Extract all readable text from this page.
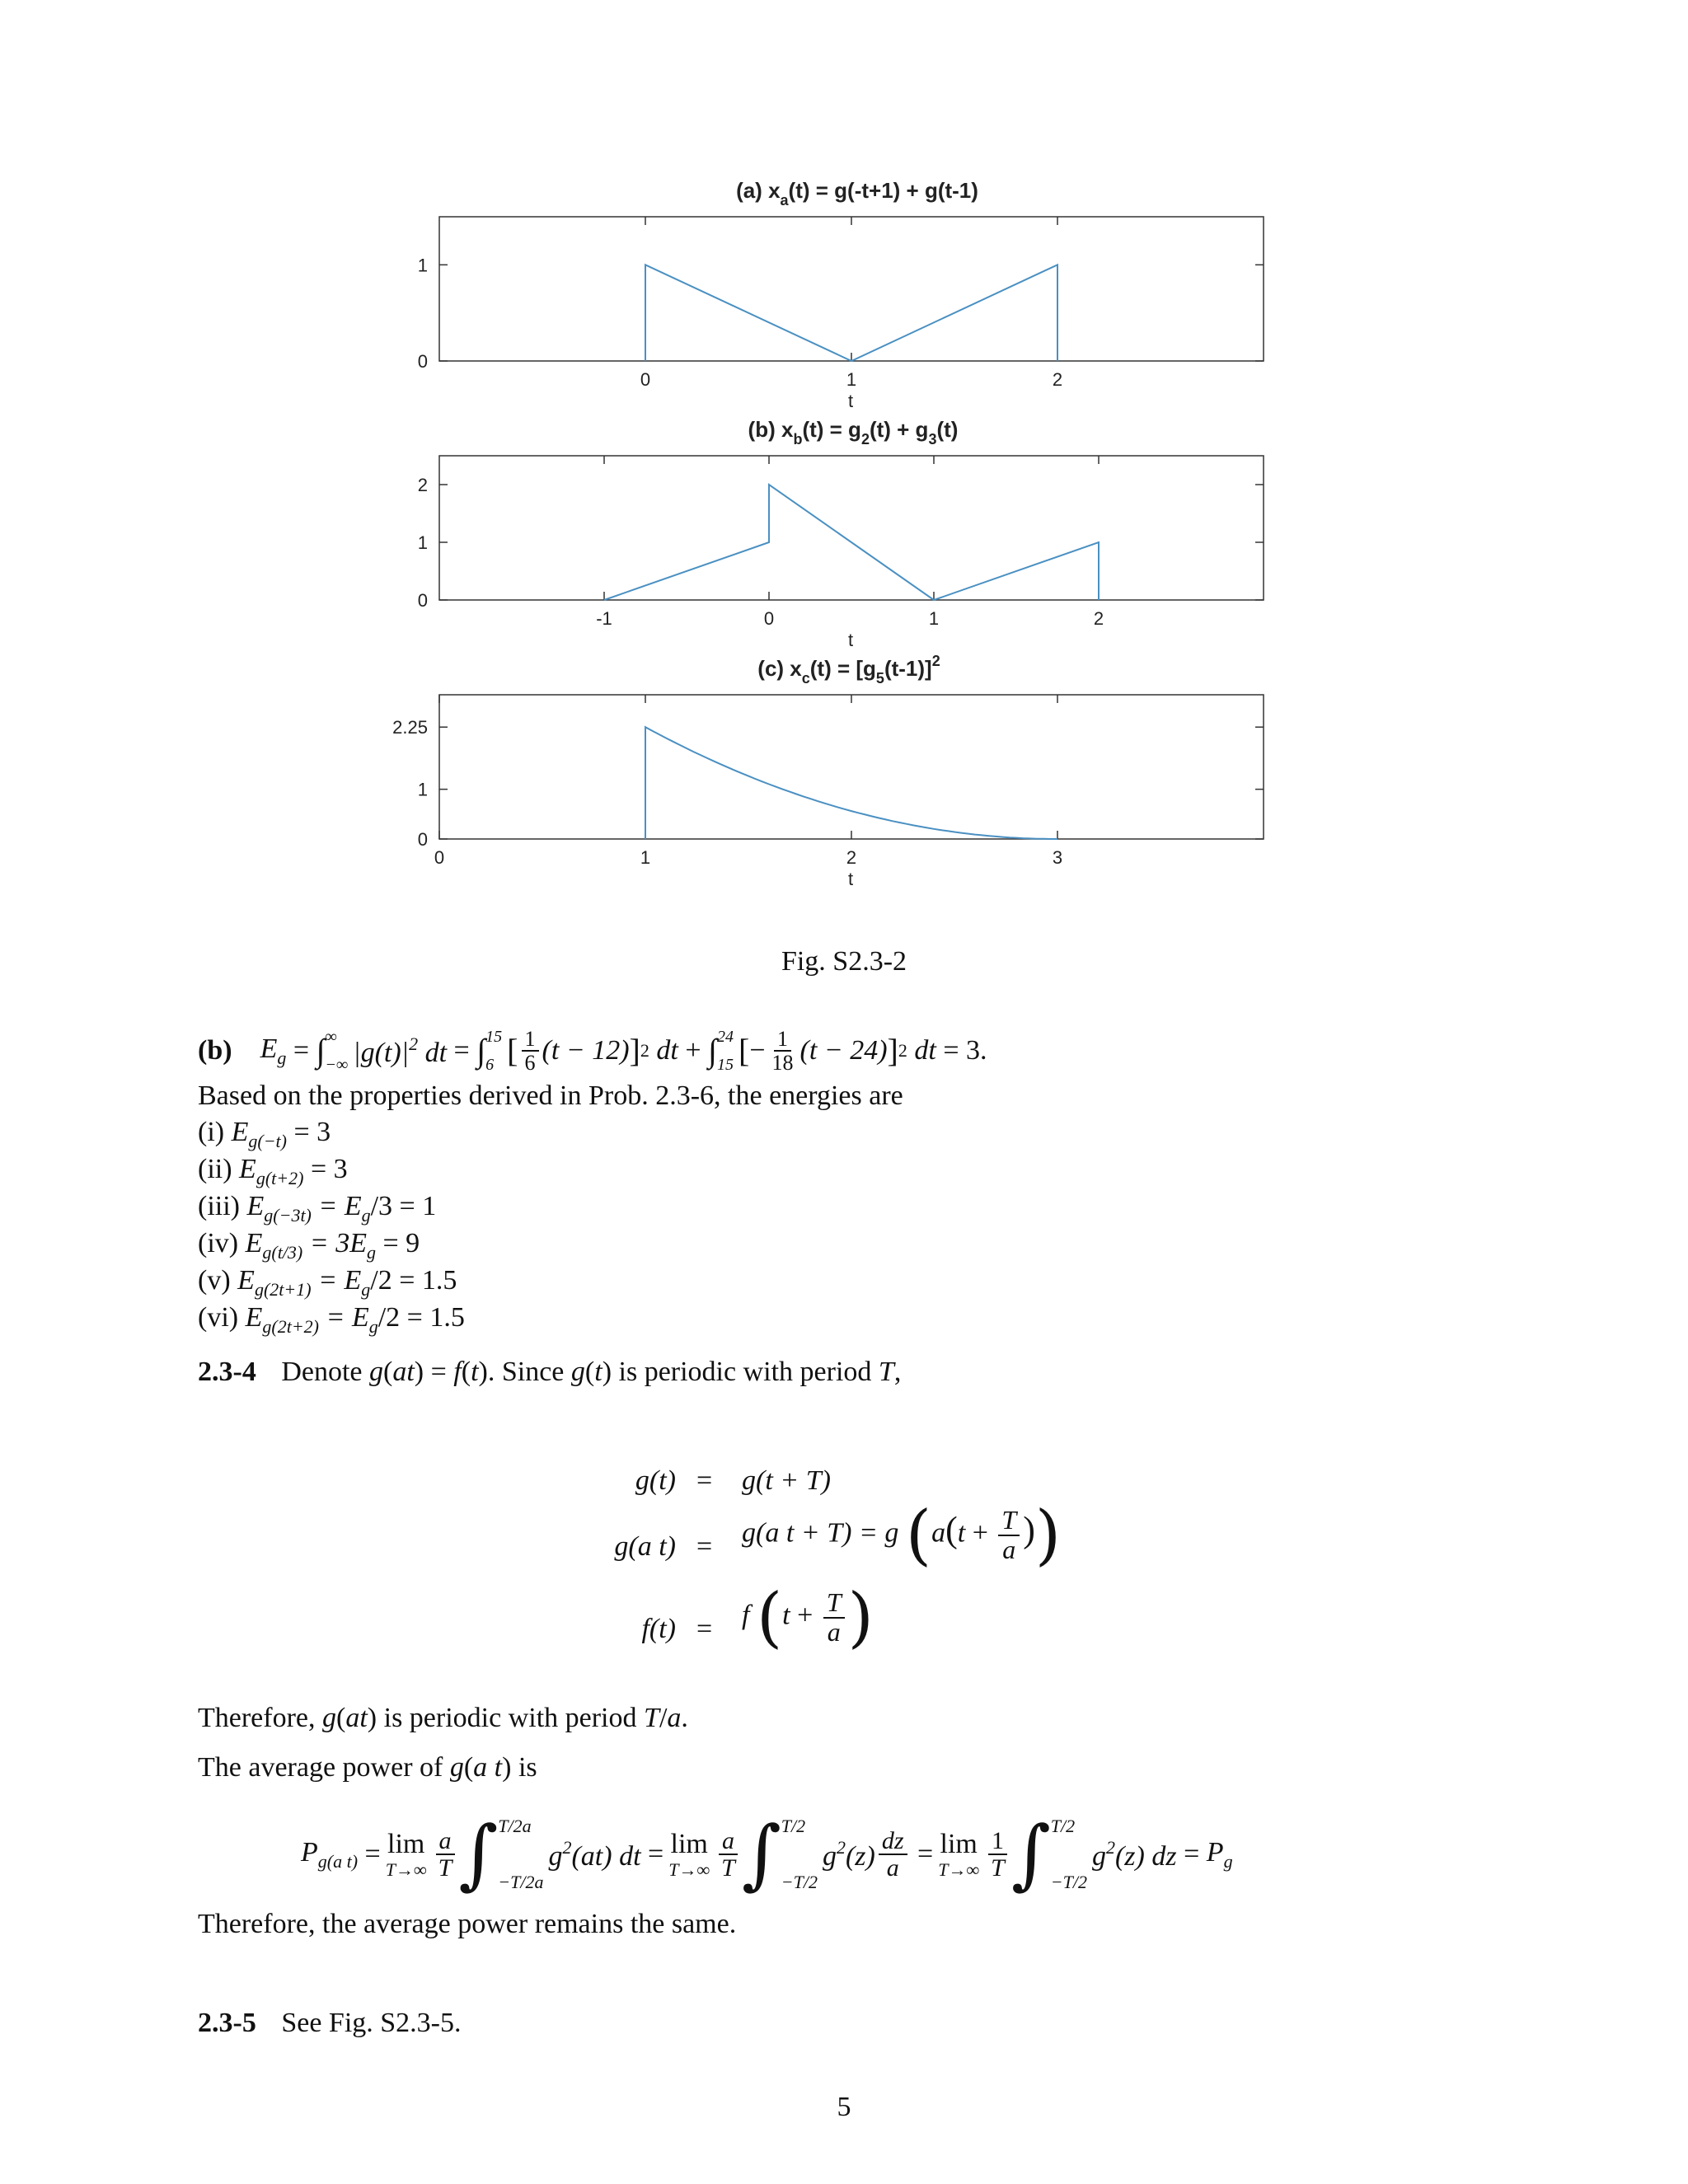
(a) $x_a(t) = g(-t+1) + g(t-1)$
0	1	2
0
1
t
(b) $x_b(t) = g_2(t) + g_3(t)$
-1	0	1	2
0
1
2
t
(c) $x_c(t) = [g_5(t-1)]^2$
0	1	2	3
0
1
2.25
t
Fig. S2.3-2
(b) $E_g$ = ∫ ∞
−∞ $|g(t)|^2$ dt = ∫ 15
6 [ $\frac{1}{6} (t - 12)$ ] 2 dt + ∫ 24
15 [ − $\frac{1}{18} (t - 24)$ ] 2 dt = 3.
Based on the properties derived in Prob. 2.3-6, the energies are
(i) $E_{g(-t)} = 3$
(ii) $E_{g(t+2)} = 3$
(iii) $E_{g(-3t)} = E_g/3 = 1$
(iv) $E_{g(t/3)} = 3E_g = 9$
(v) $E_{g(2t+1)} = E_g/2 = 1.5$
(vi) $E_{g(2t+2)} = E_g/2 = 1.5$
2.3-4 Denote g(at) = f(t). Since g(t) is periodic with period T,
g(t) = g(t + T)
g(a t) = g(a t + T) = g ($a(t + \frac{T}{a}$ ))
f(t) = f ($t + \frac{T}{a}$ )
Therefore, g(at) is periodic with period T/a.
The average power of g(a t) is
$P_{g(a t)} = \lim$
$T\to\infty \frac{a}{T}$ ∫ T/2a
−T/2a
$g^2(at)$ dt = lim
$T\to\infty \frac{a}{T}$ ∫ T/2
−T/2
$g^2(z) \frac{dz}{a} = \lim$
$T\to\infty \frac{1}{T}$ ∫ T/2
−T/2
$g^2(z)$ dz = $P_g$
Therefore, the average power remains the same.
2.3-5 See Fig. S2.3-5.
5
